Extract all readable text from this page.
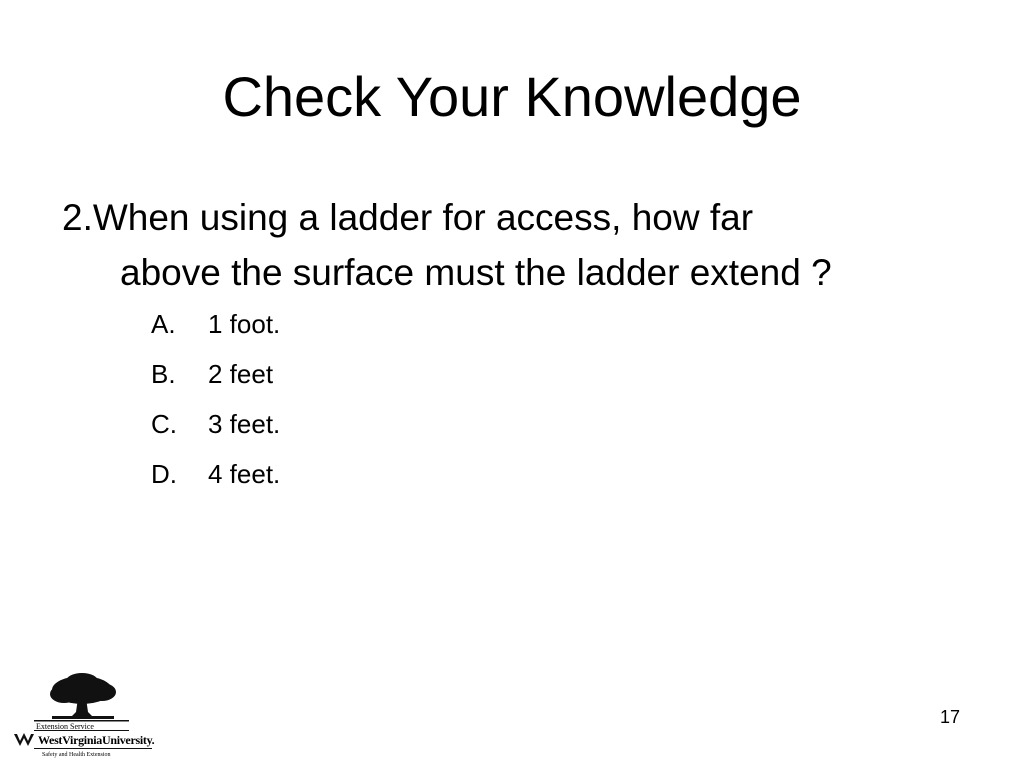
Check Your Knowledge
2. When using a ladder for access, how far
above the surface must the ladder extend ?
A.	1 foot.
B.	2 feet
C.	3 feet.
D.	4 feet.
17
Extension Service
WestVirginiaUniversity.
Safety and Health Extension
